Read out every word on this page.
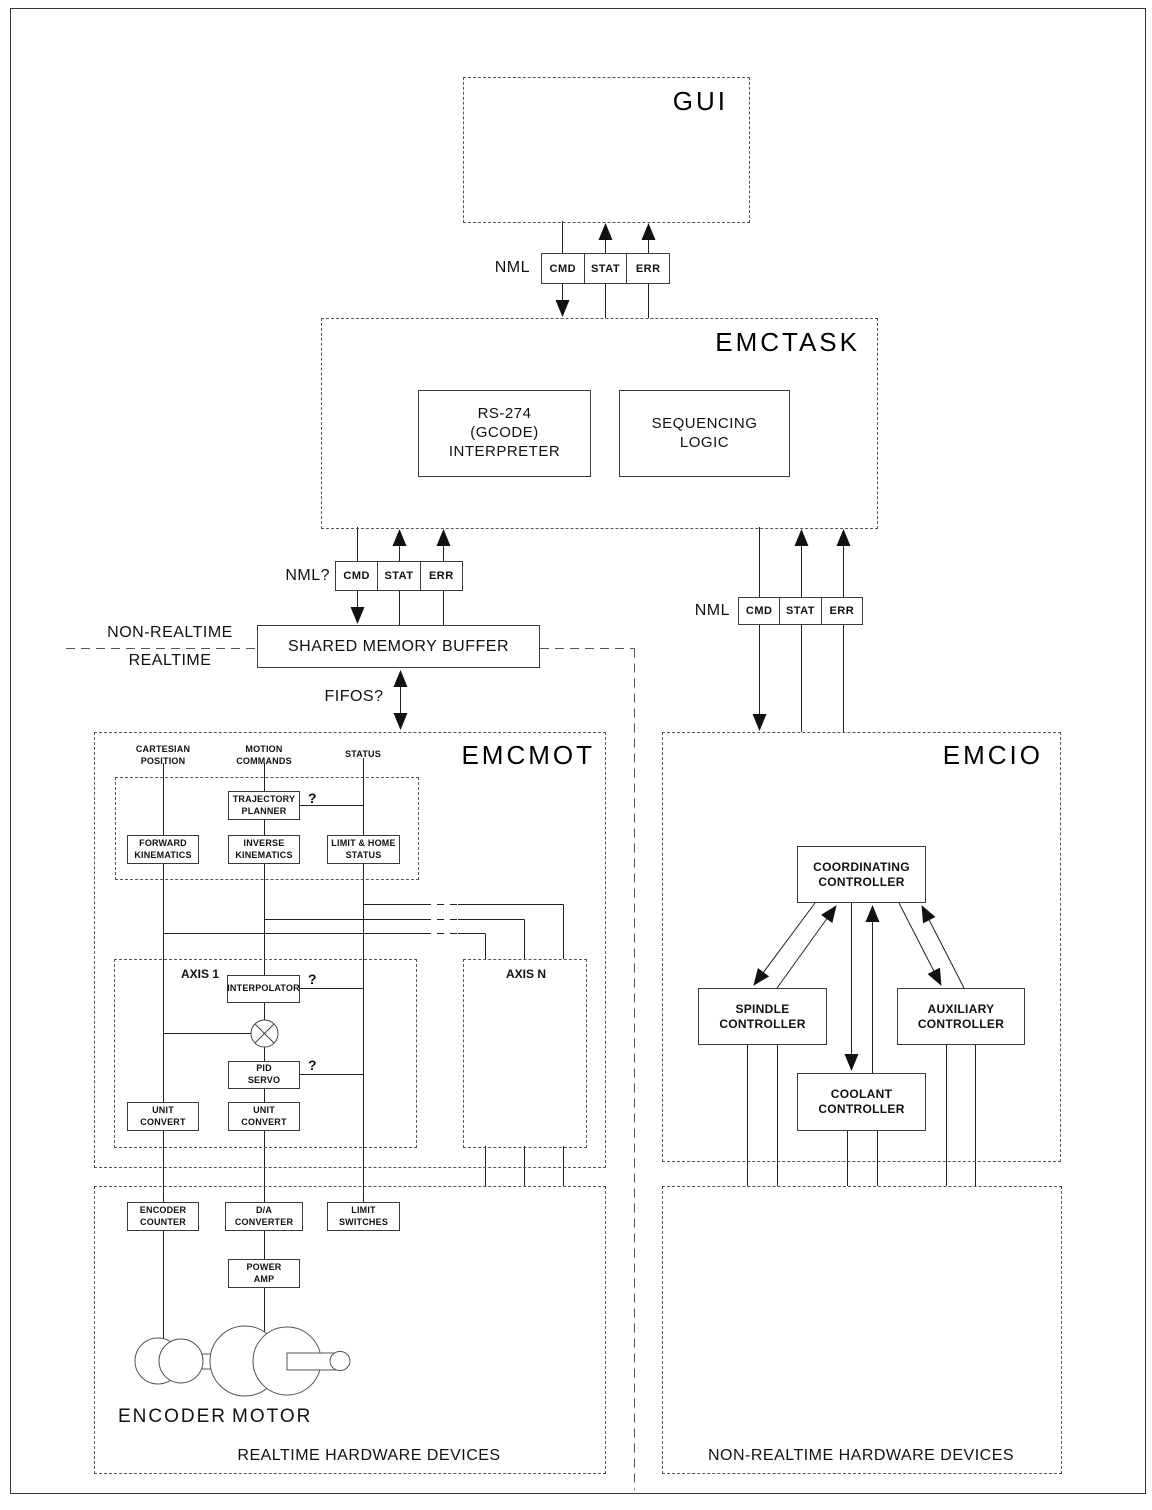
GUI
EMCTASK
EMCMOT	EMCIO
NML	CMD	STAT	ERR
NML?	CMD	STAT	ERR
NML	CMD	STAT	ERR
RS-274
(GCODE)
INTERPRETER
SEQUENCING
LOGIC
NON-REALTIME
REALTIME
SHARED MEMORY BUFFER
FIFOS?
CARTESIAN
POSITION
MOTION
COMMANDS
STATUS
TRAJECTORY
PLANNER
FORWARD
KINEMATICS
INVERSE
KINEMATICS
LIMIT & HOME
STATUS
AXIS 1	AXIS N
INTERPOLATOR
PID
SERVO
UNIT
CONVERT
UNIT
CONVERT
?
?
?
COORDINATING
CONTROLLER
SPINDLE
CONTROLLER
AUXILIARY
CONTROLLER
COOLANT
CONTROLLER
ENCODER
COUNTER
D/A
CONVERTER
LIMIT
SWITCHES
POWER
AMP
ENCODER MOTOR
REALTIME HARDWARE DEVICES	NON-REALTIME HARDWARE DEVICES
